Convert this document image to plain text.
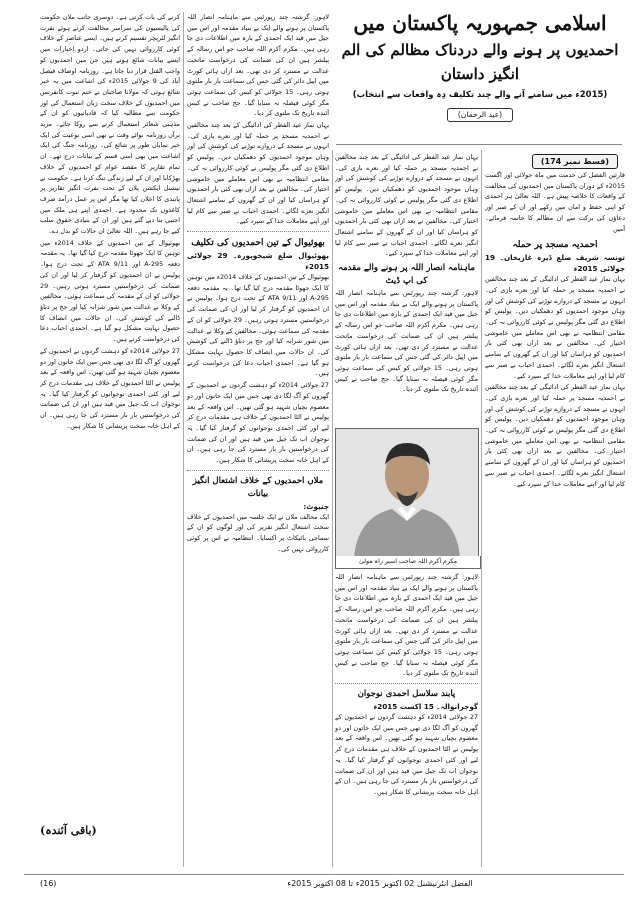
اسلامی جمہوریہ پاکستان میں
احمدیوں پر ہونے والے دردناک مظالم کی الم انگیز داستان
(2015ء میں سامنے آنے والے چند تکلیف دِہ واقعات سے انتخاب)
(عبد الرحمان)
(قسط نمبر 174)

قارئین الفضل کی خدمت میں ماہ جولائی اور اگست 2015ء کے دوران پاکستان میں احمدیوں کی مخالفت کے واقعات کا خلاصہ پیش ہے۔ اللہ تعالیٰ ہر احمدی کو اپنی حفظ و امان میں رکھے اور ان کے صبر اور دعاؤں کی برکت سے ان مظالم کا خاتمہ فرمائے۔ آمین

احمدیہ مسجد پر حملہ
تونسہ شریف ضلع ڈیرہ غازیخان۔ 19 جولائی 2015ء

یہاں نماز عید الفطر کی ادائیگی کے بعد چند مخالفین نے احمدیہ مسجد پر حملہ کیا اور نعرے بازی کی۔ انہوں نے مسجد کے دروازے توڑنے کی کوشش کی اور وہاں موجود احمدیوں کو دھمکیاں دیں۔ پولیس کو اطلاع دی گئی مگر پولیس نے کوئی کارروائی نہ کی۔ مقامی انتظامیہ نے بھی اس معاملے میں خاموشی اختیار کی۔ مخالفین نے بعد ازاں بھی کئی بار احمدیوں کو ہراساں کیا اور ان کے گھروں کے سامنے اشتعال انگیز نعرے لگائے۔ احمدی احباب نے صبر سے کام لیا اور اپنے معاملات خدا کے سپرد کیے۔

یہاں نماز عید الفطر کی ادائیگی کے بعد چند مخالفین نے احمدیہ مسجد پر حملہ کیا اور نعرے بازی کی۔ انہوں نے مسجد کے دروازے توڑنے کی کوشش کی اور وہاں موجود احمدیوں کو دھمکیاں دیں۔ پولیس کو اطلاع دی گئی مگر پولیس نے کوئی کارروائی نہ کی۔ مقامی انتظامیہ نے بھی اس معاملے میں خاموشی اختیار کی۔ مخالفین نے بعد ازاں بھی کئی بار احمدیوں کو ہراساں کیا اور ان کے گھروں کے سامنے اشتعال انگیز نعرے لگائے۔ احمدی احباب نے صبر سے کام لیا اور اپنے معاملات خدا کے سپرد کیے۔

یہاں نماز عید الفطر کی ادائیگی کے بعد چند مخالفین نے احمدیہ مسجد پر حملہ کیا اور نعرے بازی کی۔ انہوں نے مسجد کے دروازے توڑنے کی کوشش کی اور وہاں موجود احمدیوں کو دھمکیاں دیں۔ پولیس کو اطلاع دی گئی مگر پولیس نے کوئی کارروائی نہ کی۔ مقامی انتظامیہ نے بھی اس معاملے میں خاموشی اختیار کی۔ مخالفین نے بعد ازاں بھی کئی بار احمدیوں کو ہراساں کیا اور ان کے گھروں کے سامنے اشتعال انگیز نعرے لگائے۔ احمدی احباب نے صبر سے کام لیا اور اپنے معاملات خدا کے سپرد کیے۔

ماہنامہ انصار اللہ پر ہونے والے مقدمہ کی اپ ڈیٹ

لاہور: گزشتہ چند رپورٹس سے ماہنامہ انصار اللہ پاکستان پر ہونے والے ایک بے بنیاد مقدمہ اور اس میں جیل میں قید ایک احمدی کے بارہ میں اطلاعات دی جا رہی ہیں۔ مکرم آکرم اللہ صاحب جو اس رسالہ کے پبلشر ہیں ان کی ضمانت کی درخواست ماتحت عدالت نے مسترد کر دی تھی۔ بعد ازاں ہائی کورٹ میں اپیل دائر کی گئی جس کی سماعت بار بار ملتوی ہوتی رہی۔ 15 جولائی کو کیس کی سماعت ہوئی مگر کوئی فیصلہ نہ سنایا گیا۔ جج صاحب نے کیس آئندہ تاریخ تک ملتوی کر دیا۔

مکرم آکرم اللہ صاحب اسیر راہ مولیٰ

لاہور: گزشتہ چند رپورٹس سے ماہنامہ انصار اللہ پاکستان پر ہونے والے ایک بے بنیاد مقدمہ اور اس میں جیل میں قید ایک احمدی کے بارہ میں اطلاعات دی جا رہی ہیں۔ مکرم آکرم اللہ صاحب جو اس رسالہ کے پبلشر ہیں ان کی ضمانت کی درخواست ماتحت عدالت نے مسترد کر دی تھی۔ بعد ازاں ہائی کورٹ میں اپیل دائر کی گئی جس کی سماعت بار بار ملتوی ہوتی رہی۔ 15 جولائی کو کیس کی سماعت ہوئی مگر کوئی فیصلہ نہ سنایا گیا۔ جج صاحب نے کیس آئندہ تاریخ تک ملتوی کر دیا۔

پابند سلاسل احمدی نوجوان
گوجرانوالہ۔ 15 اکست 2015ء

27 جولائی 2014ء کو دہشت گردوں نے احمدیوں کے گھروں کو آگ لگا دی تھی جس میں ایک خاتون اور دو معصوم بچیاں شہید ہو گئی تھیں۔ اس واقعہ کے بعد پولیس نے الٹا احمدیوں کے خلاف ہی مقدمات درج کر لیے اور کئی احمدی نوجوانوں کو گرفتار کیا گیا۔ یہ نوجوان اب تک جیل میں قید ہیں اور ان کی ضمانت کی درخواستیں بار بار مسترد کی جا رہی ہیں۔ ان کے اہل خانہ سخت پریشانی کا شکار ہیں۔

لاہور: گزشتہ چند رپورٹس سے ماہنامہ انصار اللہ پاکستان پر ہونے والے ایک بے بنیاد مقدمہ اور اس میں جیل میں قید ایک احمدی کے بارہ میں اطلاعات دی جا رہی ہیں۔ مکرم آکرم اللہ صاحب جو اس رسالہ کے پبلشر ہیں ان کی ضمانت کی درخواست ماتحت عدالت نے مسترد کر دی تھی۔ بعد ازاں ہائی کورٹ میں اپیل دائر کی گئی جس کی سماعت بار بار ملتوی ہوتی رہی۔ 15 جولائی کو کیس کی سماعت ہوئی مگر کوئی فیصلہ نہ سنایا گیا۔ جج صاحب نے کیس آئندہ تاریخ تک ملتوی کر دیا۔

یہاں نماز عید الفطر کی ادائیگی کے بعد چند مخالفین نے احمدیہ مسجد پر حملہ کیا اور نعرے بازی کی۔ انہوں نے مسجد کے دروازے توڑنے کی کوشش کی اور وہاں موجود احمدیوں کو دھمکیاں دیں۔ پولیس کو اطلاع دی گئی مگر پولیس نے کوئی کارروائی نہ کی۔ مقامی انتظامیہ نے بھی اس معاملے میں خاموشی اختیار کی۔ مخالفین نے بعد ازاں بھی کئی بار احمدیوں کو ہراساں کیا اور ان کے گھروں کے سامنے اشتعال انگیز نعرے لگائے۔ احمدی احباب نے صبر سے کام لیا اور اپنے معاملات خدا کے سپرد کیے۔

بھوئیوال کے تین احمدیوں کی تکلیف
بھوئیوال ضلع شیخوپورہ۔ 29 جولائی 2015ء

بھوئیوال کے تین احمدیوں کے خلاف 2014ء میں توہین کا ایک جھوٹا مقدمہ درج کیا گیا تھا۔ یہ مقدمہ دفعہ 295-A اور 9/11 ATA کے تحت درج ہوا۔ پولیس نے ان احمدیوں کو گرفتار کر لیا اور ان کی ضمانت کی درخواستیں مسترد ہوتی رہیں۔ 29 جولائی کو ان کے مقدمہ کی سماعت ہوئی۔ مخالفین کے وکلا نے عدالت میں شور شرابہ کیا اور جج پر دباؤ ڈالنے کی کوشش کی۔ ان حالات میں انصاف کا حصول نہایت مشکل ہو گیا ہے۔ احمدی احباب دعا کی درخواست کرتے ہیں۔

27 جولائی 2014ء کو دہشت گردوں نے احمدیوں کے گھروں کو آگ لگا دی تھی جس میں ایک خاتون اور دو معصوم بچیاں شہید ہو گئی تھیں۔ اس واقعہ کے بعد پولیس نے الٹا احمدیوں کے خلاف ہی مقدمات درج کر لیے اور کئی احمدی نوجوانوں کو گرفتار کیا گیا۔ یہ نوجوان اب تک جیل میں قید ہیں اور ان کی ضمانت کی درخواستیں بار بار مسترد کی جا رہی ہیں۔ ان کے اہل خانہ سخت پریشانی کا شکار ہیں۔

ملاں احمدیوں کے خلاف اشتعال انگیز بیانات
چنیوٹ:

ایک مخالف ملاں نے ایک جلسہ میں احمدیوں کے خلاف سخت اشتعال انگیز تقریر کی اور لوگوں کو ان کے سماجی بائیکاٹ پر اکسایا۔ انتظامیہ نے اس پر کوئی کارروائی نہیں کی۔

کرنے کی بات کرتی ہے۔ دوسری جانب ملاں حکومت کی پالیسیوں کی سراسر مخالفت کرتے ہوئے نفرت انگیز لٹریچر تقسیم کرتے ہیں۔ ایسے عناصر کے خلاف کوئی کارروائی نہیں کی جاتی۔ اردو اخبارات میں ایسے بیانات شائع ہوتے ہیں جن میں احمدیوں کو واجب القتل قرار دیا جاتا ہے۔ روزنامہ اوصاف فیصل آباد کی 9 جولائی 2015ء کی اشاعت میں یہ خبر شائع ہوئی کہ مولانا صاحبان نے ختم نبوت کانفرنس میں احمدیوں کے خلاف سخت زبان استعمال کی اور حکومت سے مطالبہ کیا کہ قادیانیوں کو ان کے مذہبی شعائر استعمال کرنے سے روکا جائے۔ مزید برآں روزنامہ نوائے وقت نے بھی اسی نوعیت کی ایک خبر نمایاں طور پر شائع کی۔ روزنامہ جنگ کی ایک اشاعت میں بھی اسی قسم کے بیانات درج تھے۔ ان تمام تقاریر کا مقصد عوام کو احمدیوں کے خلاف بھڑکانا اور ان کے لیے زندگی تنگ کرنا ہے۔ حکومت نے نیشنل ایکشن پلان کے تحت نفرت انگیز تقاریر پر پابندی کا اعلان کیا تھا مگر اس پر عمل درآمد صرف کاغذوں تک محدود ہے۔ احمدی اپنے ہی ملک میں اجنبی بنا دیے گئے ہیں اور ان کے بنیادی حقوق سلب کیے جا رہے ہیں۔ اللہ تعالیٰ ان حالات کو بدل دے۔

بھوئیوال کے تین احمدیوں کے خلاف 2014ء میں توہین کا ایک جھوٹا مقدمہ درج کیا گیا تھا۔ یہ مقدمہ دفعہ 295-A اور 9/11 ATA کے تحت درج ہوا۔ پولیس نے ان احمدیوں کو گرفتار کر لیا اور ان کی ضمانت کی درخواستیں مسترد ہوتی رہیں۔ 29 جولائی کو ان کے مقدمہ کی سماعت ہوئی۔ مخالفین کے وکلا نے عدالت میں شور شرابہ کیا اور جج پر دباؤ ڈالنے کی کوشش کی۔ ان حالات میں انصاف کا حصول نہایت مشکل ہو گیا ہے۔ احمدی احباب دعا کی درخواست کرتے ہیں۔

27 جولائی 2014ء کو دہشت گردوں نے احمدیوں کے گھروں کو آگ لگا دی تھی جس میں ایک خاتون اور دو معصوم بچیاں شہید ہو گئی تھیں۔ اس واقعہ کے بعد پولیس نے الٹا احمدیوں کے خلاف ہی مقدمات درج کر لیے اور کئی احمدی نوجوانوں کو گرفتار کیا گیا۔ یہ نوجوان اب تک جیل میں قید ہیں اور ان کی ضمانت کی درخواستیں بار بار مسترد کی جا رہی ہیں۔ ان کے اہل خانہ سخت پریشانی کا شکار ہیں۔

(باقی آئندہ)
(16)	الفضل انٹرنیشنل 02 اکتوبر 2015ء تا 08 اکتوبر 2015ء
